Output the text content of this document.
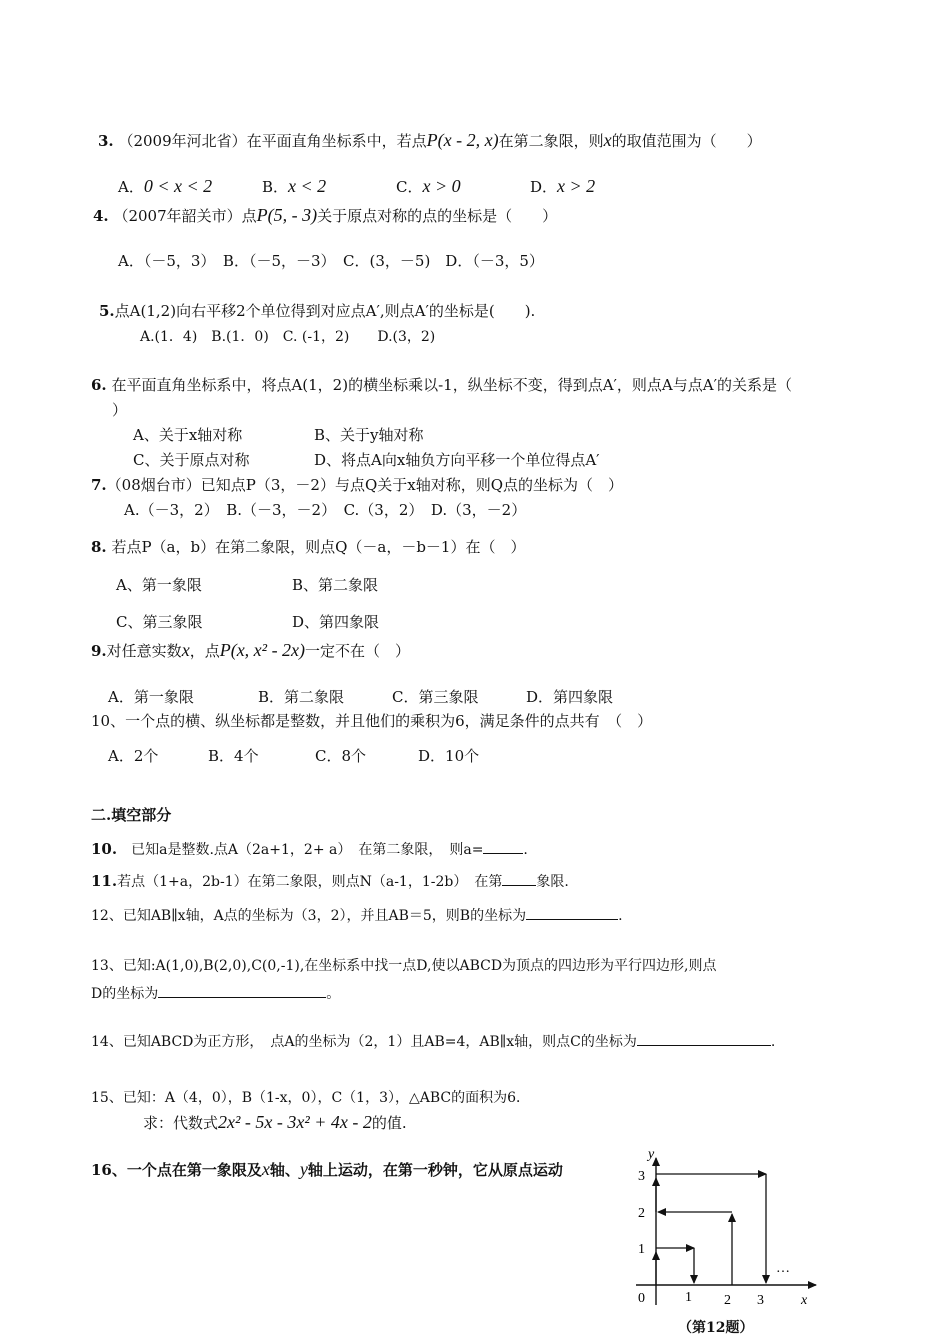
3. （2009年河北省）在平面直角坐标系中，若点P(x - 2, x)在第二象限，则x的取值范围为（　　）
A．0 < x < 2	B．x < 2	C．x > 0	D．x > 2
4. （2007年韶关市）点P(5, - 3)关于原点对称的点的坐标是（　　）
A．（－5，3）　B．（－5，－3）　C．(3，－5)　D．（－3，5）
5.点A(1,2)向右平移2个单位得到对应点A′,则点A′的坐标是(　　).
A.(1．4)　B.(1．0)　C. (-1，2)　　D.(3，2)
6. 在平面直角坐标系中，将点A(1，2)的横坐标乘以-1，纵坐标不变，得到点A′，则点A与点A′的关系是（
）
A、关于x轴对称	B、关于y轴对称
C、关于原点对称	D、将点A向x轴负方向平移一个单位得点A′
7.（08烟台市）已知点P（3，－2）与点Q关于x轴对称，则Q点的坐标为（　）
A.（－3，2）　B.（－3，－2）　C.（3，2）　D.（3，－2）
8. 若点P（a，b）在第二象限，则点Q（－a，－b－1）在（　）
A、第一象限	B、第二象限
C、第三象限	D、第四象限
9.对任意实数x，点P(x, x² - 2x)一定不在（　）
A．第一象限	B．第二象限	C．第三象限	D．第四象限
10、一个点的横、纵坐标都是整数，并且他们的乘积为6，满足条件的点共有　（　）
A．2个	B．4个	C．8个	D．10个
二.填空部分
10.　已知a是整数.点A（2a+1，2+ a）　在第二象限，　则a=	.
11.若点（1+a，2b-1）在第二象限，则点N（a-1，1-2b）　在第 象限.
12、已知AB∥x轴，A点的坐标为（3，2），并且AB＝5，则B的坐标为	.
13、已知:A(1,0),B(2,0),C(0,-1),在坐标系中找一点D,使以ABCD为顶点的四边形为平行四边形,则点
D的坐标为	。
14、已知ABCD为正方形，　点A的坐标为（2，1）且AB=4，AB∥x轴，则点C的坐标为	.
15、已知：A（4，0），B（1-x，0），C（1，3），△ABC的面积为6．
求：代数式2x² - 5x - 3x² + 4x - 2的值.
16、一个点在第一象限及x轴、y轴上运动，在第一秒钟，它从原点运动
y
x
1
2
3
0	1 2 3
…
（第12题）
